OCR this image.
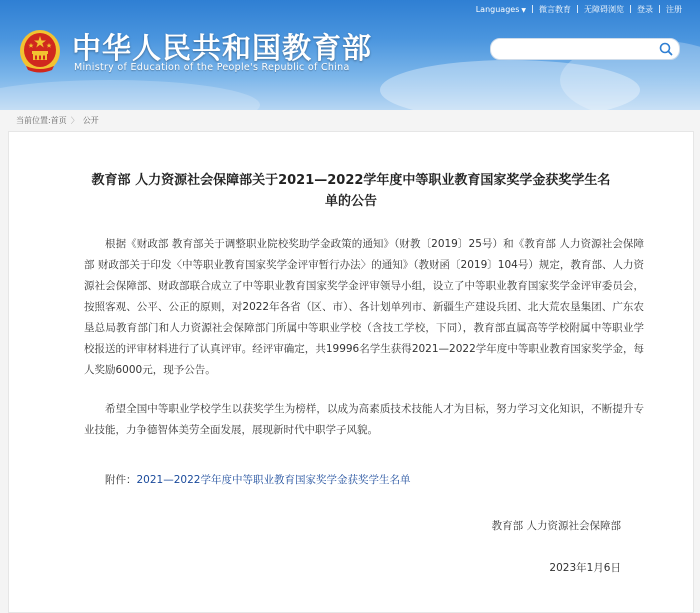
Languages ▼	微言教育	无障碍浏览	登录	注册
中华人民共和国教育部
Ministry of Education of the People's Republic of China
当前位置: 首页 〉 公开
教育部 人力资源社会保障部关于2021—2022学年度中等职业教育国家奖学金获奖学生名
单的公告
根据《财政部 教育部关于调整职业院校奖助学金政策的通知》（财教〔2019〕25号）和《教育部 人力资源社会保障部 财政部关于印发〈中等职业教育国家奖学金评审暂行办法〉的通知》（教财函〔2019〕104号）规定，教育部、人力资源社会保障部、财政部联合成立了中等职业教育国家奖学金评审领导小组，设立了中等职业教育国家奖学金评审委员会，按照客观、公平、公正的原则，对2022年各省（区、市）、各计划单列市、新疆生产建设兵团、北大荒农垦集团、广东农垦总局教育部门和人力资源社会保障部门所属中等职业学校（含技工学校，下同），教育部直属高等学校附属中等职业学校报送的评审材料进行了认真评审。经评审确定，共19996名学生获得2021—2022学年度中等职业教育国家奖学金，每人奖励6000元，现予公告。
希望全国中等职业学校学生以获奖学生为榜样，以成为高素质技术技能人才为目标，努力学习文化知识，不断提升专业技能，力争德智体美劳全面发展，展现新时代中职学子风貌。
附件：2021—2022学年度中等职业教育国家奖学金获奖学生名单
教育部 人力资源社会保障部
2023年1月6日
